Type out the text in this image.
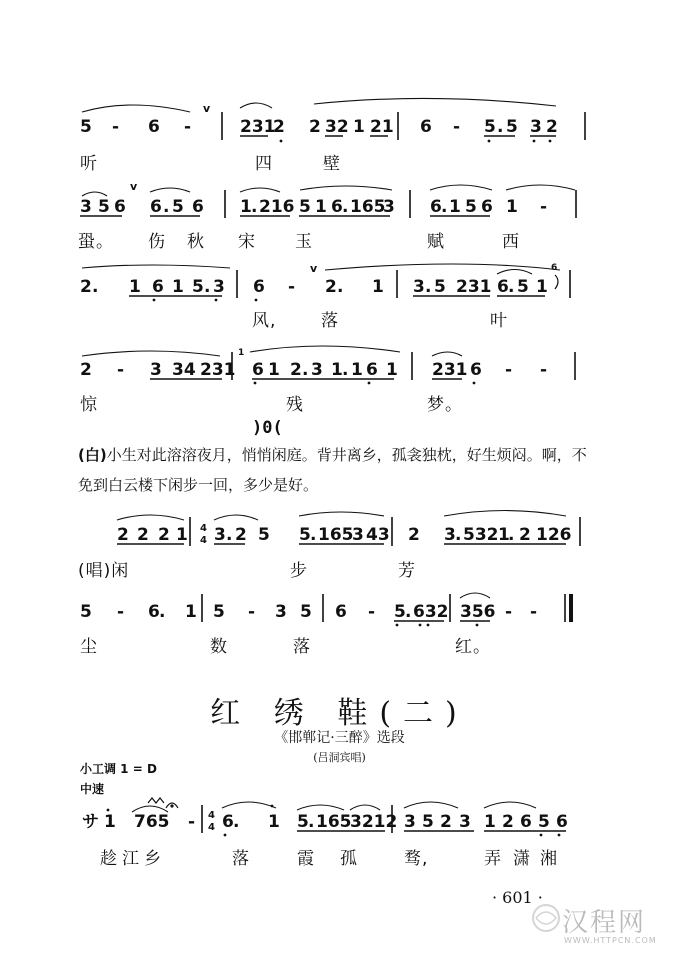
5 - 6 -
v
231
2 2 32 1 21 6 - 5 . 5 3 2
3 5 6
v
6 . 5 6 1 . 216 5 1 6 . 165
3 6 . 1 5 6 1 -
2 . 1 6 1 5 . 3 6 -
v
2 . 1 3 . 5 231 6 . 5 1
6
2 - 3 34 231
1
6 1 2 . 3 1 . 1 6 1 231 6 - -
2 2 2 1 4
4 3 . 2 5 5 . 165
3 43 2 3 . 532 1
. 2 126
5 - 6 . 1 5 - 3 5 6 - 5 . 632 356 - -
サ 1 765 - 4
4 6 . 1 5 . 165
3212 3 5 2 3 1 2 6 5 6
听	四	壁
蛩。 伤 秋 宋 玉	赋	西
风,	落	叶
惊	残	梦。
)0(
(白)小生对此溶溶夜月，悄悄闲庭。背井离乡，孤衾独枕，好生烦闷。啊，不免到白云楼下闲步一回，多少是好。
(唱)闲	步	芳
尘	数	落	红。
红 绣 鞋(二)
《邯郸记·三醉》选段
(吕洞宾唱)
小工调 1 = D
中速
趁 江 乡	落	霞 孤	骛,	弄 潇 湘
· 601 ·
汉程网
WWW.HTTPCN.COM
